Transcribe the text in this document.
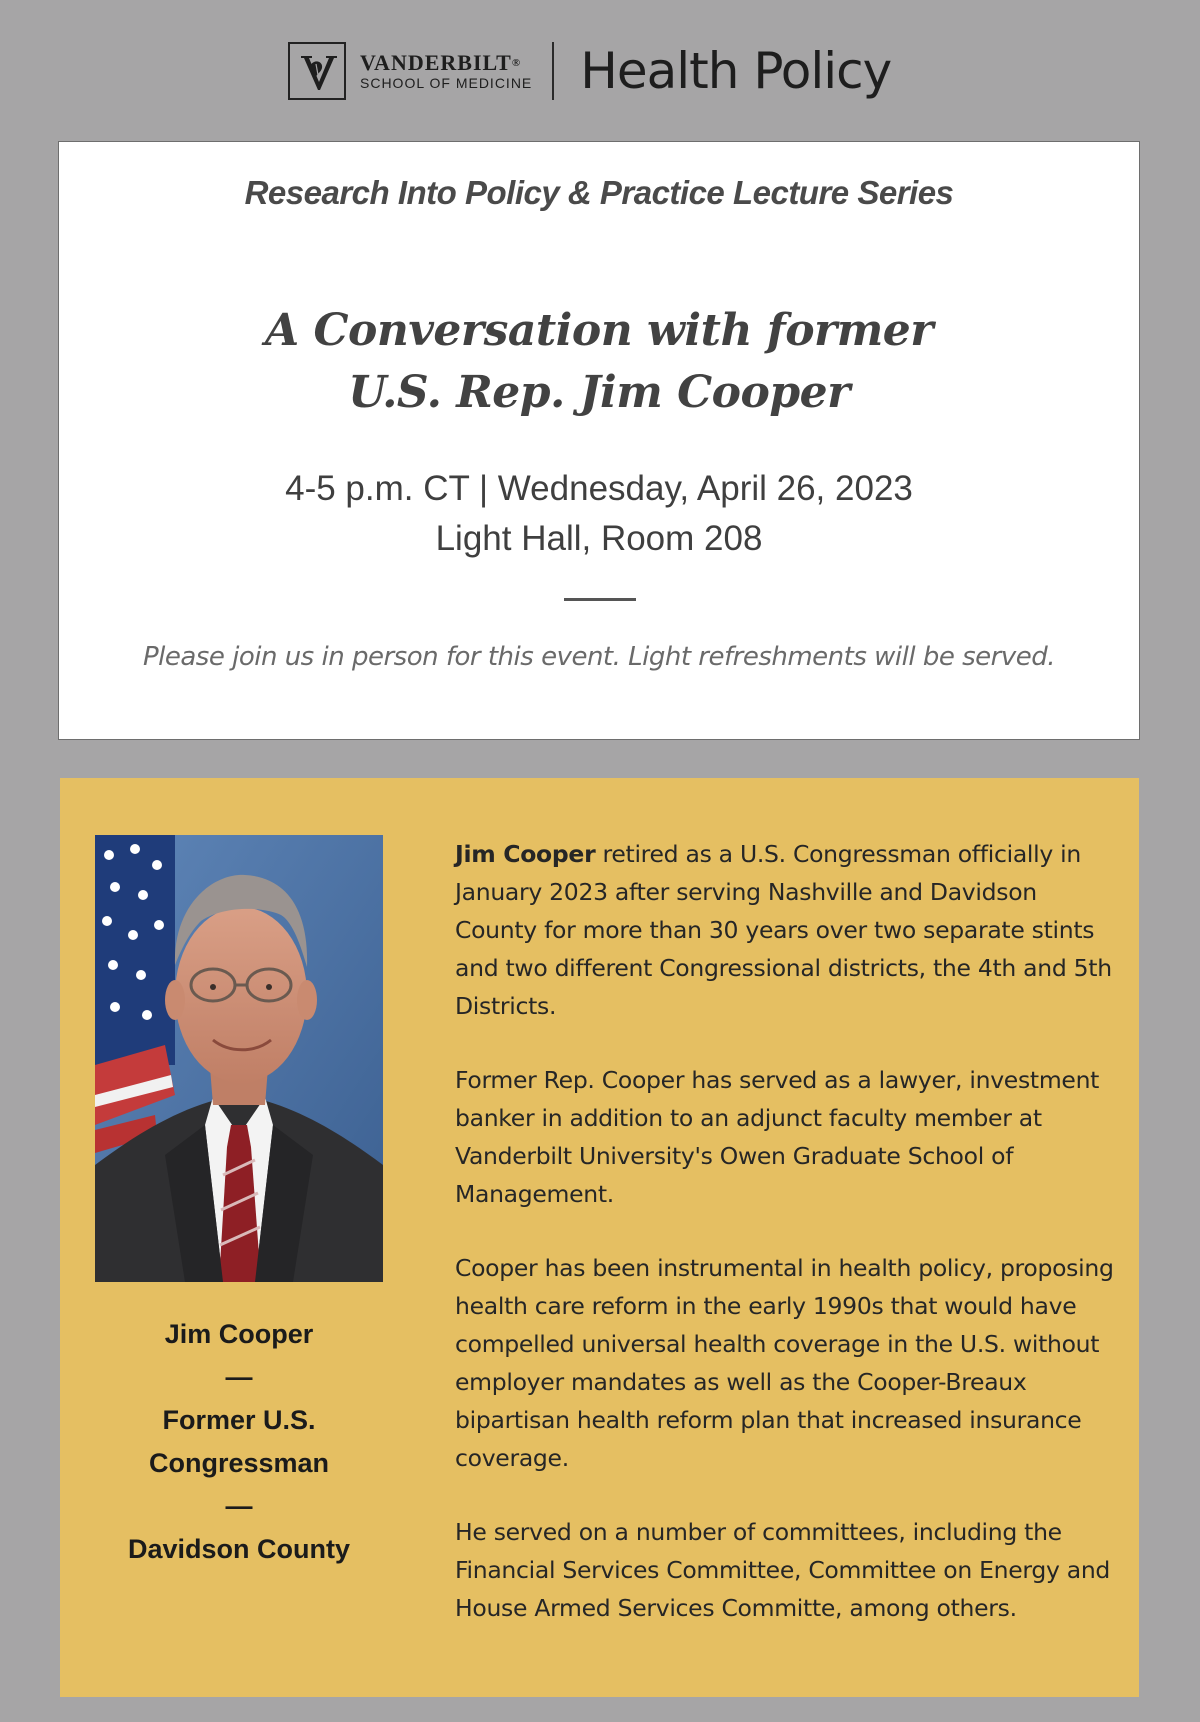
VANDERBILT®
SCHOOL OF MEDICINE Health Policy
Research Into Policy & Practice Lecture Series
A Conversation with former
U.S. Rep. Jim Cooper
4-5 p.m. CT | Wednesday, April 26, 2023
Light Hall, Room 208
Please join us in person for this event. Light refreshments will be served.
Jim Cooper
—
Former U.S.
Congressman
—
Davidson County

Jim Cooper retired as a U.S. Congressman officially in January 2023 after serving Nashville and Davidson County for more than 30 years over two separate stints and two different Congressional districts, the 4th and 5th Districts.

Former Rep. Cooper has served as a lawyer, investment banker in addition to an adjunct faculty member at Vanderbilt University's Owen Graduate School of Management.

Cooper has been instrumental in health policy, proposing health care reform in the early 1990s that would have compelled universal health coverage in the U.S. without employer mandates as well as the Cooper-Breaux bipartisan health reform plan that increased insurance coverage.

He served on a number of committees, including the Financial Services Committee, Committee on Energy and House Armed Services Committe, among others.
